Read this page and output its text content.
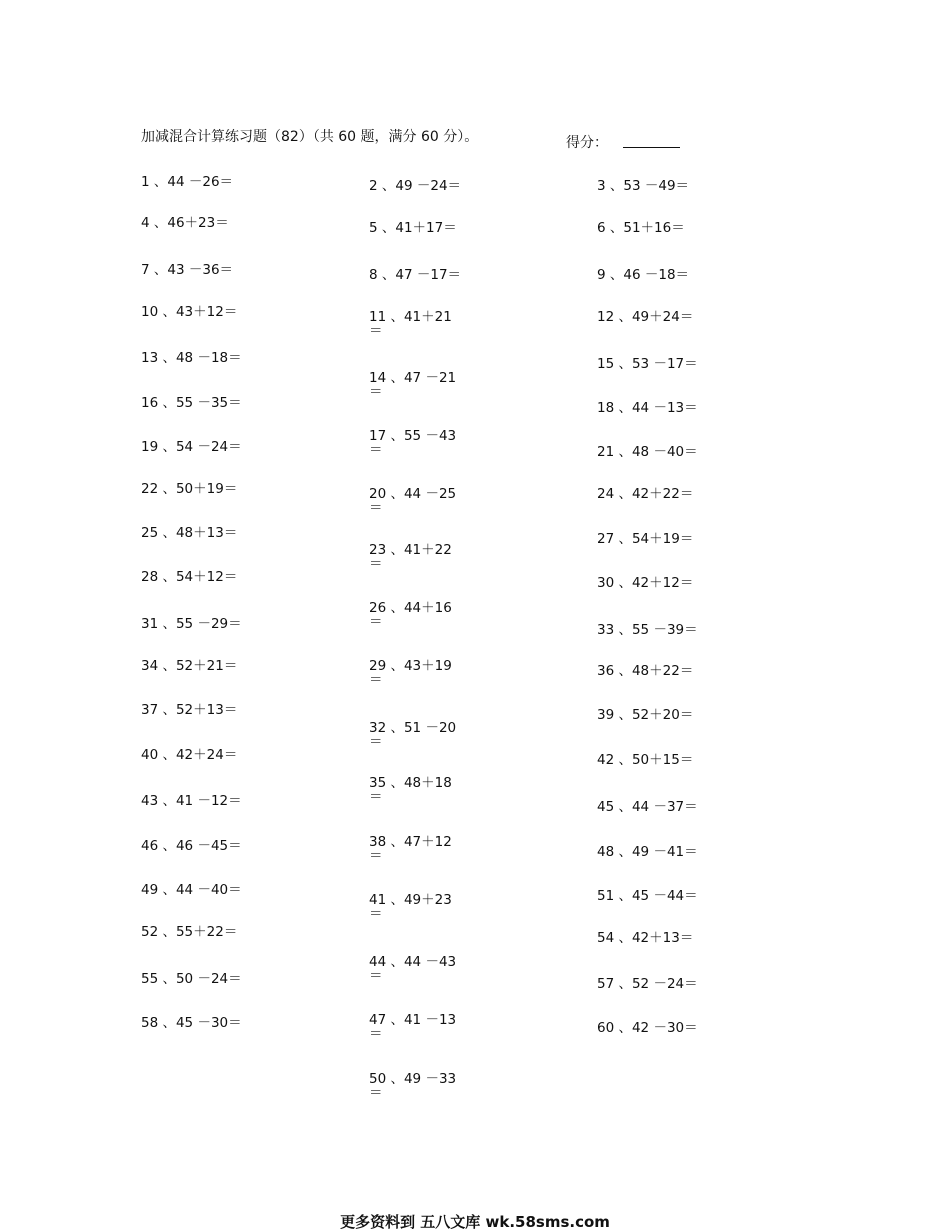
加减混合计算练习题（82）（共 60 题，满分 60 分）。	得分：
1 、44 －26＝
4 、46＋23＝
7 、43 －36＝
10 、43＋12＝
13 、48 －18＝
16 、55 －35＝
19 、54 －24＝
22 、50＋19＝
25 、48＋13＝
28 、54＋12＝
31 、55 －29＝
34 、52＋21＝
37 、52＋13＝
40 、42＋24＝
43 、41 －12＝
46 、46 －45＝
49 、44 －40＝
52 、55＋22＝
55 、50 －24＝
58 、45 －30＝
2 、49 －24＝
5 、41＋17＝
8 、47 －17＝
11 、41＋21
＝
14 、47 －21
＝
17 、55 －43
＝
20 、44 －25
＝
23 、41＋22
＝
26 、44＋16
＝
29 、43＋19
＝
32 、51 －20
＝
35 、48＋18
＝
38 、47＋12
＝
41 、49＋23
＝
44 、44 －43
＝
47 、41 －13
＝
50 、49 －33
＝
3 、53 －49＝
6 、51＋16＝
9 、46 －18＝
12 、49＋24＝
15 、53 －17＝
18 、44 －13＝
21 、48 －40＝
24 、42＋22＝
27 、54＋19＝
30 、42＋12＝
33 、55 －39＝
36 、48＋22＝
39 、52＋20＝
42 、50＋15＝
45 、44 －37＝
48 、49 －41＝
51 、45 －44＝
54 、42＋13＝
57 、52 －24＝
60 、42 －30＝
更多资料到 五八文库 wk.58sms.com
